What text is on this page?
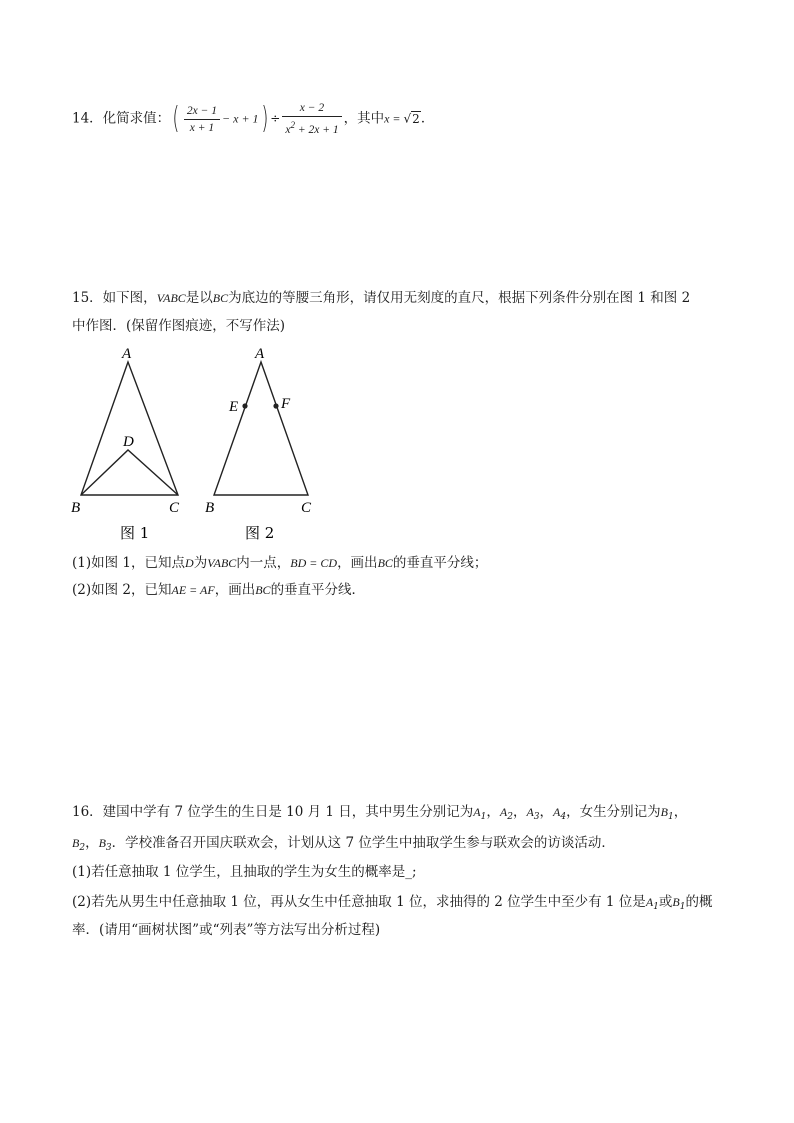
14．化简求值：( $\frac{2x - 1}{x + 1} - x + 1) \div \frac{x - 2}{x^2 + 2x + 1}$ ，其中x = √2．
15．如下图，VABC是以BC为底边的等腰三角形，请仅用无刻度的直尺，根据下列条件分别在图 1 和图 2
中作图．(保留作图痕迹，不写作法)
A
B	C
D
A
B	C
E	F
图 1	图 2
(1)如图 1，已知点D为VABC内一点，BD = CD，画出BC的垂直平分线；
(2)如图 2，已知AE = AF，画出BC的垂直平分线．
16．建国中学有 7 位学生的生日是 10 月 1 日，其中男生分别记为$A_1$，$A_2$，$A_3$，$A_4$，女生分别记为$B_1$，
$B_2$，$B_3$．学校准备召开国庆联欢会，计划从这 7 位学生中抽取学生参与联欢会的访谈活动．
(1)若任意抽取 1 位学生，且抽取的学生为女生的概率是_;
(2)若先从男生中任意抽取 1 位，再从女生中任意抽取 1 位，求抽得的 2 位学生中至少有 1 位是$A_1$或$B_1$的概
率．(请用“画树状图”或“列表”等方法写出分析过程)
